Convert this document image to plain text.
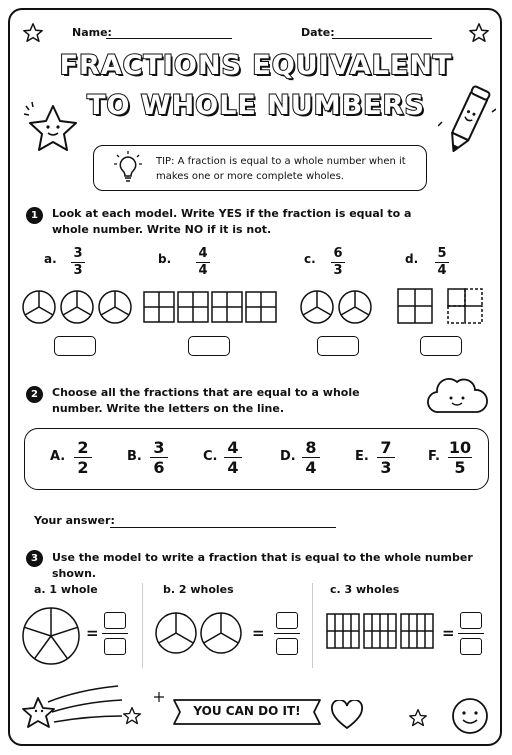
Name:	Date:
FRACTIONS EQUIVALENT
TO WHOLE NUMBERS
TIP: A fraction is equal to a whole number when it makes one or more complete wholes.
1	Look at each model. Write YES if the fraction is equal to a whole number. Write NO if it is not.
a. 3
3
b. 4
4
c. 6
3
d. 5
4
2	Choose all the fractions that are equal to a whole number. Write the letters on the line.
A. 2
2
B. 3
6
C. 4
4
D. 8
4
E. 7
3
F. 10
5
Your answer:
3	Use the model to write a fraction that is equal to the whole number shown.
a. 1 whole	b. 2 wholes	c. 3 wholes
=	=	=
YOU CAN DO IT!
